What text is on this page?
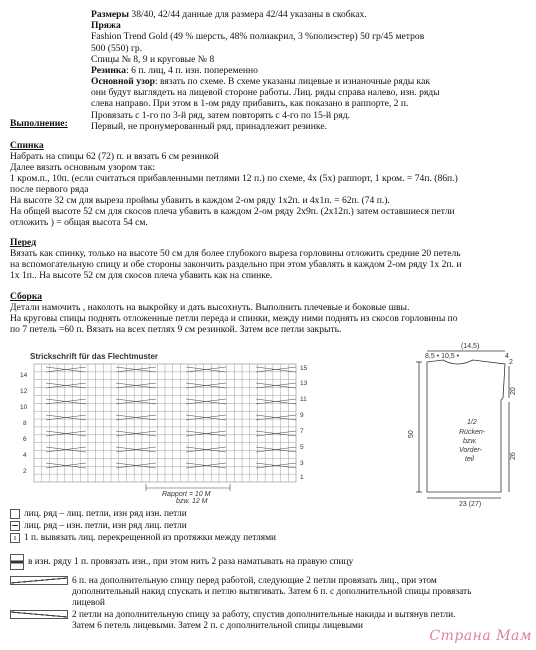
Размеры 38/40, 42/44 данные для размера 42/44 указаны в скобках.
Пряжа
Fashion Trend Gold (49 % шерсть, 48% полиакрил, 3 %полиэстер) 50 гр/45 метров
500 (550) гр.
Спицы № 8, 9 и круговые № 8
Резинка: 6 п. лиц, 4 п. изн. попеременно
Основной узор: вязать по схеме. В схеме указаны лицевые и изнаночные ряды как
они будут выглядеть на лицевой стороне работы. Лиц. ряды справа налево, изн. ряды
слева направо. При этом в 1-ом ряду прибавить, как показано в раппорте, 2 п.
Провязать с 1-го по 3-й ряд, затем повторять с 4-го по 15-й ряд.
Первый, не пронумерованный ряд, принадлежит резинке.
Выполнение:
Спинка
Набрать на спицы 62 (72) п. и вязать 6 см резинкой
Далее вязать основным узором так:
1 кром.п., 10п. (если считаться прибавленными петлями 12 п.) по схеме, 4х (5х) раппорт, 1 кром. = 74п. (86п.)
после первого ряда
На высоте 32 см для выреза проймы убавить в каждом 2-ом ряду 1х2п. и 4х1п. = 62п. (74 п.).
На общей высоте 52 см для скосов плеча убавить в каждом 2-ом ряду 2х9п. (2х12п.) затем оставшиеся петли
отложить ) = общая высота 54 см.
Перед
Вязать как спинку, только на высоте 50 см для более глубокого выреза горловины отложить средние 20 петель
на вспомогательную спицу и обе стороны закончить раздельно при этом убавлять в каждом 2-ом ряду 1х 2п. и
1х 1п.. На высоте 52 см для скосов плеча убавить как на спинке.
Сборка
Детали намочить , наколоть на выкройку и дать высохнуть. Выполнить плечевые и боковые швы.
На круговы спицы поднять отложенные петли переда и спинки, между ними поднять из скосов горловины по
по 7 петель =60 п. Вязать на всех петлях 9 см резинкой. Затем все петли закрыть.
Strickschrift für das Flechtmuster
14
12
10
8
6
4
2
15
13
11
9
7
5
3
1
Rapport = 10 M
bzw. 12 M
(14,5)
8,5 • 10,5 •	4
50
20
26
2
23 (27)
1/2
Rücken-
bzw.
Vorder-
teil
лиц. ряд – лиц. петли, изн ряд изн. петли
лиц. ряд – изн. петли, изн ряд лиц. петли
ı 1 п. вывязать лиц. перекрещенной из протяжки между петлями
в изн. ряду 1 п. провязать изн., при этом нить 2 раза наматывать на правую спицу
6 п. на дополнительную спицу перед работой, следующие 2 петли провязать лиц., при этом
дополнительный накид спускать и петлю вытягивать. Затем 6 п. с дополнительной спицы провязать
лицевой
2 петли на дополнительную спицу за работу, спустив дополнительные накиды и вытянув петли.
Затем 6 петель лицевыми. Затем 2 п. с дополнительной спицы лицевыми
Страна Мам
